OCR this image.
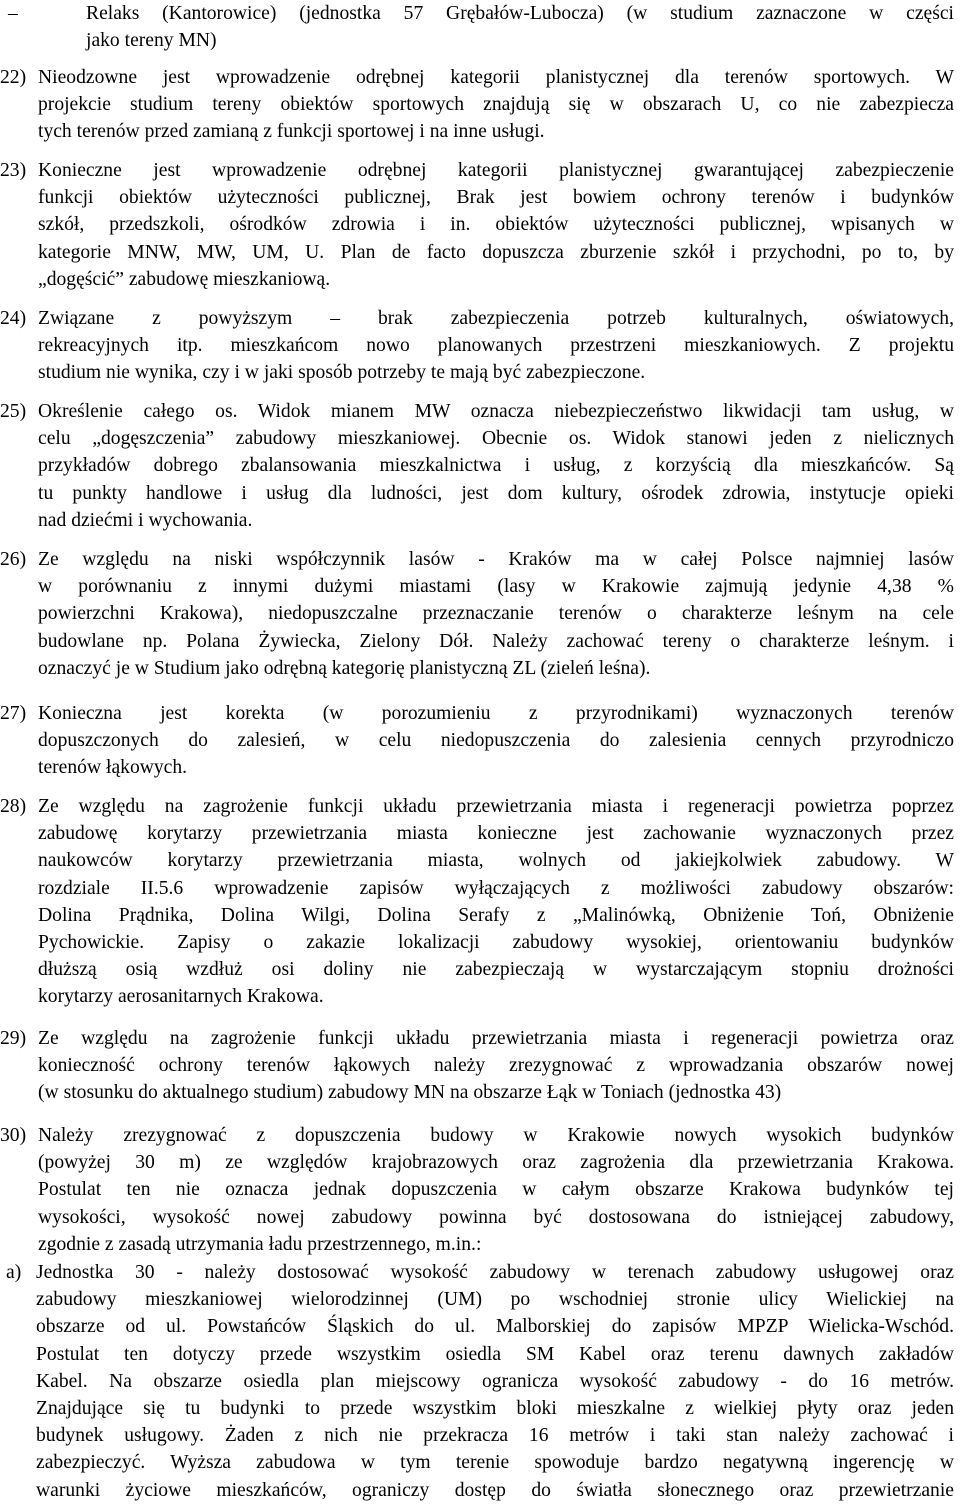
–	Relaks (Kantorowice) (jednostka 57 Grębałów-Lubocza) (w studium zaznaczone w części
jako tereny MN)
22) Nieodzowne jest wprowadzenie odrębnej kategorii planistycznej dla terenów sportowych. W
projekcie studium tereny obiektów sportowych znajdują się w obszarach U, co nie zabezpiecza
tych terenów przed zamianą z funkcji sportowej i na inne usługi.
23) Konieczne jest wprowadzenie odrębnej kategorii planistycznej gwarantującej zabezpieczenie
funkcji obiektów użyteczności publicznej, Brak jest bowiem ochrony terenów i budynków
szkół, przedszkoli, ośrodków zdrowia i in. obiektów użyteczności publicznej, wpisanych w
kategorie MNW, MW, UM, U. Plan de facto dopuszcza zburzenie szkół i przychodni, po to, by
„dogęścić” zabudowę mieszkaniową.
24) Związane z powyższym – brak zabezpieczenia potrzeb kulturalnych, oświatowych,
rekreacyjnych itp. mieszkańcom nowo planowanych przestrzeni mieszkaniowych. Z projektu
studium nie wynika, czy i w jaki sposób potrzeby te mają być zabezpieczone.
25) Określenie całego os. Widok mianem MW oznacza niebezpieczeństwo likwidacji tam usług, w
celu „dogęszczenia” zabudowy mieszkaniowej. Obecnie os. Widok stanowi jeden z nielicznych
przykładów dobrego zbalansowania mieszkalnictwa i usług, z korzyścią dla mieszkańców. Są
tu punkty handlowe i usług dla ludności, jest dom kultury, ośrodek zdrowia, instytucje opieki
nad dziećmi i wychowania.
26) Ze względu na niski współczynnik lasów - Kraków ma w całej Polsce najmniej lasów
w porównaniu z innymi dużymi miastami (lasy w Krakowie zajmują jedynie 4,38 %
powierzchni Krakowa), niedopuszczalne przeznaczanie terenów o charakterze leśnym na cele
budowlane np. Polana Żywiecka, Zielony Dół. Należy zachować tereny o charakterze leśnym. i
oznaczyć je w Studium jako odrębną kategorię planistyczną ZL (zieleń leśna).
27) Konieczna jest korekta (w porozumieniu z przyrodnikami) wyznaczonych terenów
dopuszczonych do zalesień, w celu niedopuszczenia do zalesienia cennych przyrodniczo
terenów łąkowych.
28) Ze względu na zagrożenie funkcji układu przewietrzania miasta i regeneracji powietrza poprzez
zabudowę korytarzy przewietrzania miasta konieczne jest zachowanie wyznaczonych przez
naukowców korytarzy przewietrzania miasta, wolnych od jakiejkolwiek zabudowy. W
rozdziale II.5.6 wprowadzenie zapisów wyłączających z możliwości zabudowy obszarów:
Dolina Prądnika, Dolina Wilgi, Dolina Serafy z „Malinówką, Obniżenie Toń, Obniżenie
Pychowickie. Zapisy o zakazie lokalizacji zabudowy wysokiej, orientowaniu budynków
dłuższą osią wzdłuż osi doliny nie zabezpieczają w wystarczającym stopniu drożności
korytarzy aerosanitarnych Krakowa.
29) Ze względu na zagrożenie funkcji układu przewietrzania miasta i regeneracji powietrza oraz
konieczność ochrony terenów łąkowych należy zrezygnować z wprowadzania obszarów nowej
(w stosunku do aktualnego studium) zabudowy MN na obszarze Łąk w Toniach (jednostka 43)
30) Należy zrezygnować z dopuszczenia budowy w Krakowie nowych wysokich budynków
(powyżej 30 m) ze względów krajobrazowych oraz zagrożenia dla przewietrzania Krakowa.
Postulat ten nie oznacza jednak dopuszczenia w całym obszarze Krakowa budynków tej
wysokości, wysokość nowej zabudowy powinna być dostosowana do istniejącej zabudowy,
zgodnie z zasadą utrzymania ładu przestrzennego, m.in.:
a) Jednostka 30 - należy dostosować wysokość zabudowy w terenach zabudowy usługowej oraz
zabudowy mieszkaniowej wielorodzinnej (UM) po wschodniej stronie ulicy Wielickiej na
obszarze od ul. Powstańców Śląskich do ul. Malborskiej do zapisów MPZP Wielicka-Wschód.
Postulat ten dotyczy przede wszystkim osiedla SM Kabel oraz terenu dawnych zakładów
Kabel. Na obszarze osiedla plan miejscowy ogranicza wysokość zabudowy - do 16 metrów.
Znajdujące się tu budynki to przede wszystkim bloki mieszkalne z wielkiej płyty oraz jeden
budynek usługowy. Żaden z nich nie przekracza 16 metrów i taki stan należy zachować i
zabezpieczyć. Wyższa zabudowa w tym terenie spowoduje bardzo negatywną ingerencję w
warunki życiowe mieszkańców, ograniczy dostęp do światła słonecznego oraz przewietrzanie
